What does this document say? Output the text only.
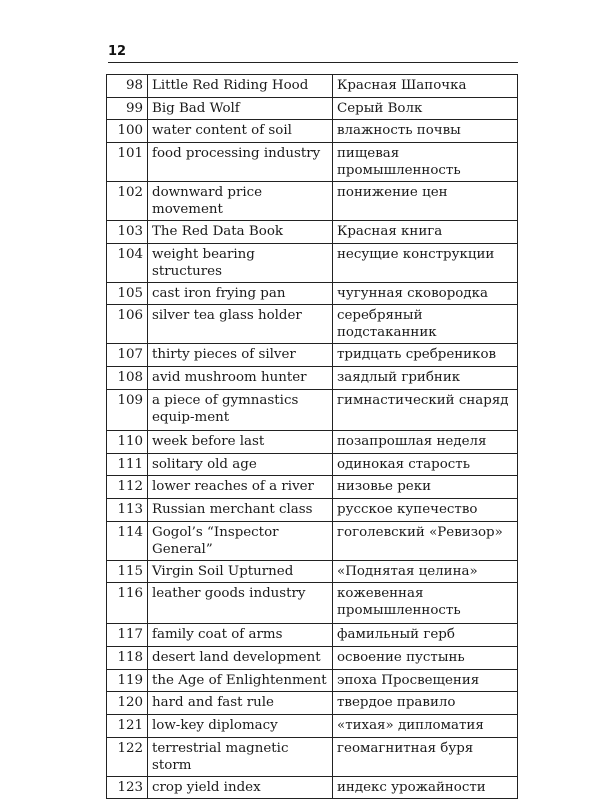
12
98	Little Red Riding Hood	Красная Шапочка
99	Big Bad Wolf	Серый Волк
100	water content of soil	влажность почвы
101	food processing industry	пищевая промышленность
102	downward price movement	понижение цен
103	The Red Data Book	Красная книга
104	weight bearing structures	несущие конструкции
105	cast iron frying pan	чугунная сковородка
106	silver tea glass holder	серебряный подстаканник
107	thirty pieces of silver	тридцать сребреников
108	avid mushroom hunter	заядлый грибник
109	a piece of gymnastics equip-ment	гимнастический снаряд
110	week before last	позапрошлая неделя
111	solitary old age	одинокая старость
112	lower reaches of a river	низовье реки
113	Russian merchant class	русское купечество
114	Gogol’s “Inspector General”	гоголевский «Ревизор»
115	Virgin Soil Upturned	«Поднятая целина»
116	leather goods industry	кожевенная промышленность
117	family coat of arms	фамильный герб
118	desert land development	освоение пустынь
119	the Age of Enlightenment	эпоха Просвещения
120	hard and fast rule	твердое правило
121	low-key diplomacy	«тихая» дипломатия
122	terrestrial magnetic storm	геомагнитная буря
123	crop yield index	индекс урожайности
